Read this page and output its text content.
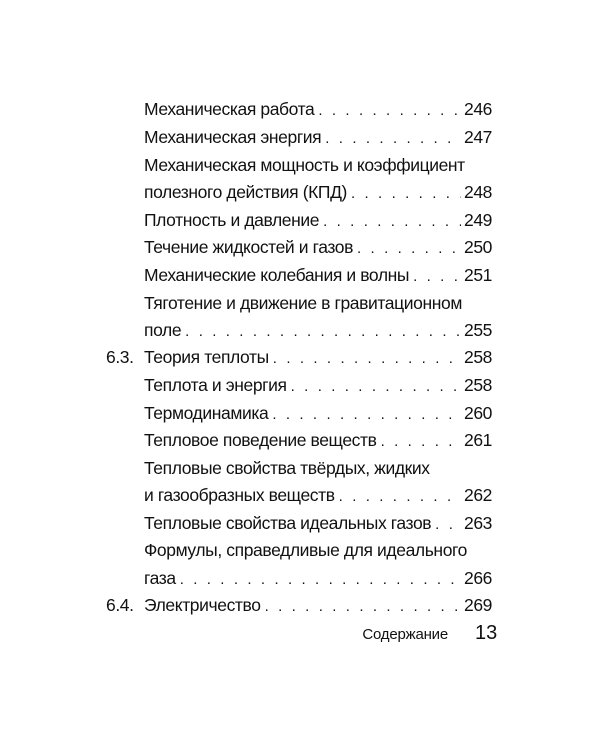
Механическая работа . . .	246
Механическая энергия . . .	247
Механическая мощность и коэффициент
полезного действия (КПД) . . .	248
Плотность и давление . . .	249
Течение жидкостей и газов . . .	250
Механические колебания и волны . . .	251
Тяготение и движение в гравитационном
поле . . .	255
6.3. Теория теплоты . . .	258
Теплота и энергия . . .	258
Термодинамика . . .	260
Тепловое поведение веществ . . .	261
Тепловые свойства твёрдых, жидких
и газообразных веществ . . .	262
Тепловые свойства идеальных газов . . . 263
Формулы, справедливые для идеального
газа . . .	266
6.4. Электричество . . .	269
Содержание 13
